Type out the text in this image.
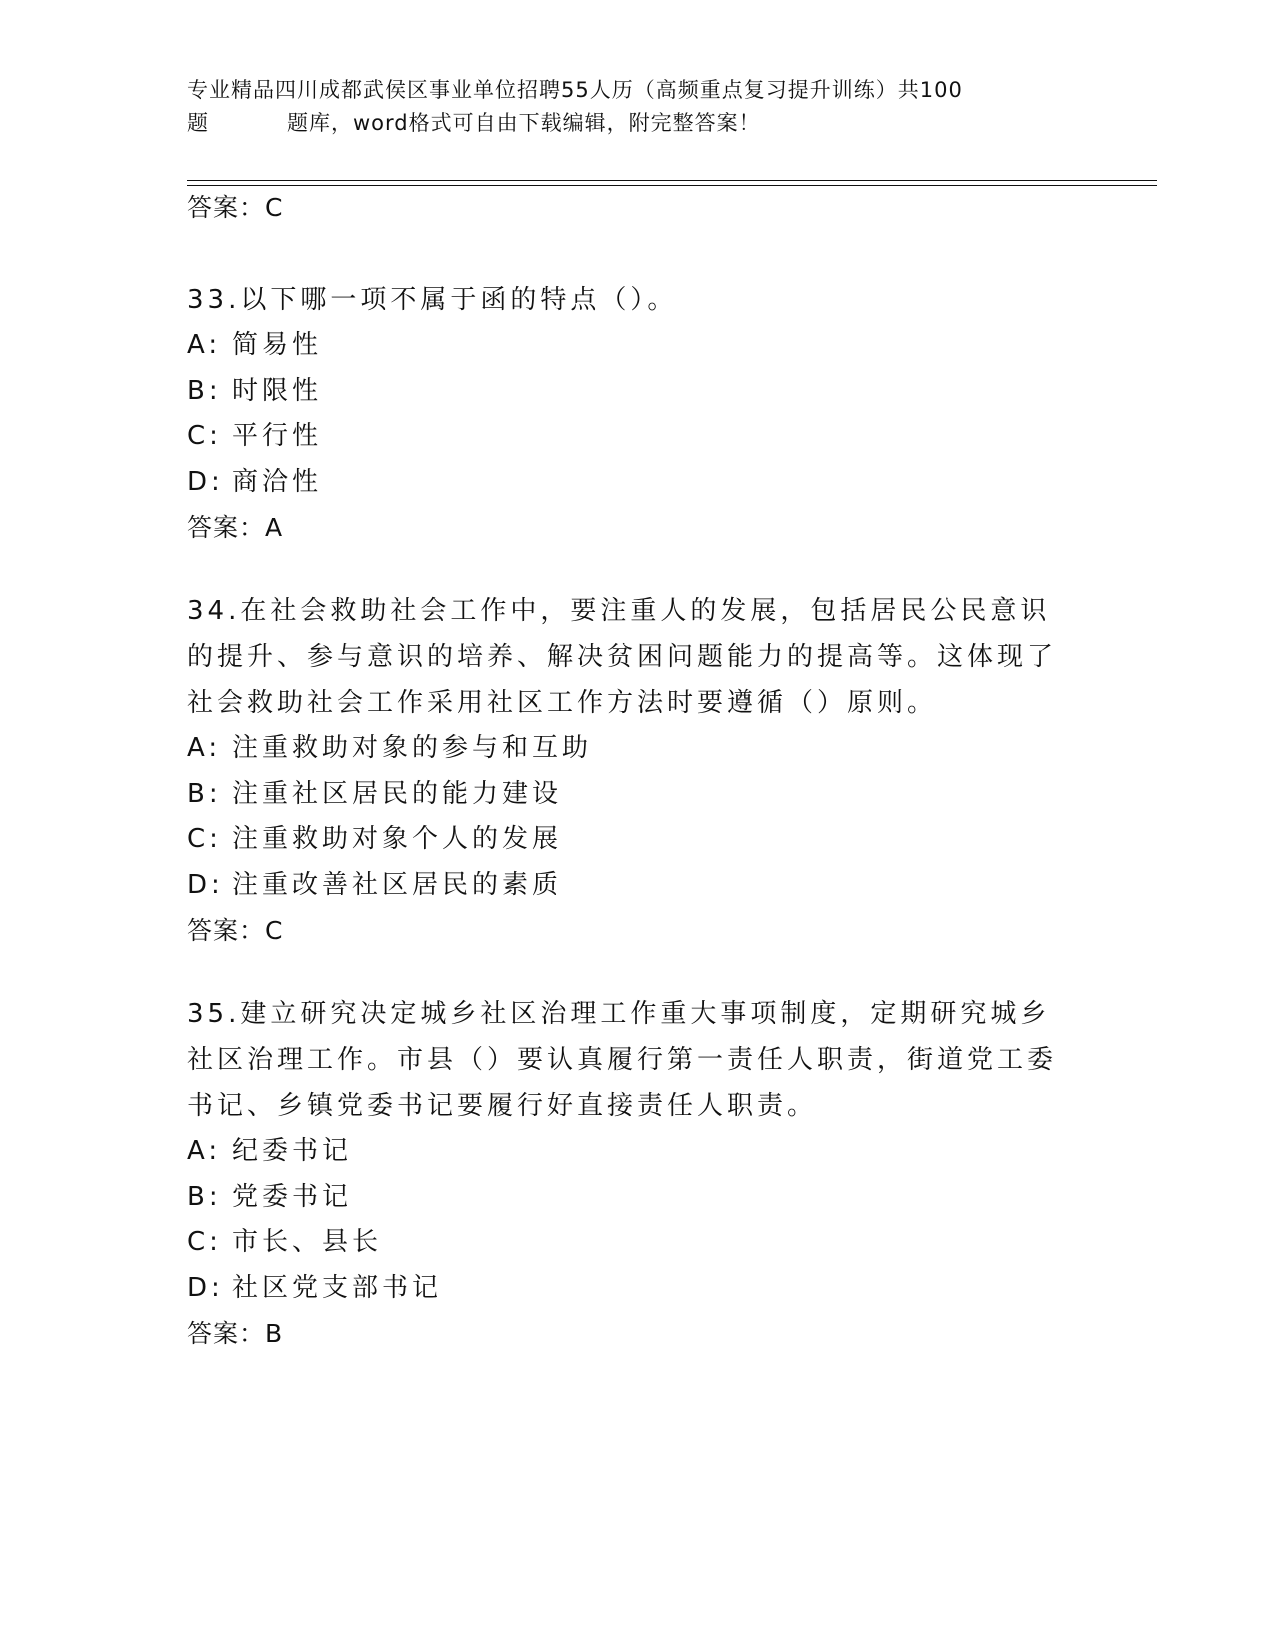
专业精品四川成都武侯区事业单位招聘55人历（高频重点复习提升训练）共100
题	题库，word格式可自由下载编辑，附完整答案！
答案：C

33.以下哪一项不属于函的特点（）。

A: 简易性

B: 时限性

C: 平行性

D: 商洽性

答案：A

34.在社会救助社会工作中，要注重人的发展，包括居民公民意识的提升、参与意识的培养、解决贫困问题能力的提高等。这体现了社会救助社会工作采用社区工作方法时要遵循（）原则。

A: 注重救助对象的参与和互助

B: 注重社区居民的能力建设

C: 注重救助对象个人的发展

D: 注重改善社区居民的素质

答案：C

35.建立研究决定城乡社区治理工作重大事项制度，定期研究城乡社区治理工作。市县（）要认真履行第一责任人职责，街道党工委书记、乡镇党委书记要履行好直接责任人职责。

A: 纪委书记

B: 党委书记

C: 市长、县长

D: 社区党支部书记

答案：B
